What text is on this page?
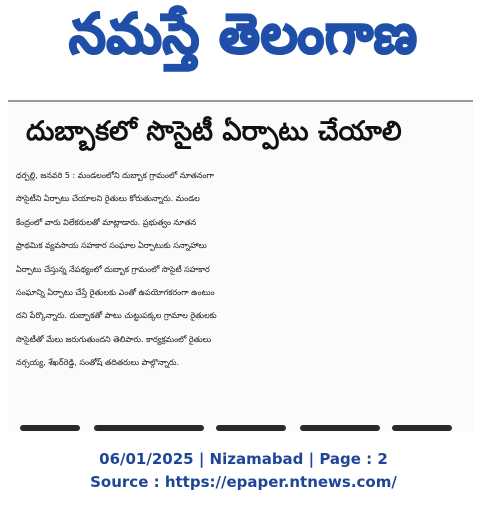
నమస్తే తెలంగాణ
దుబ్బాకలో సొసైటీ ఏర్పాటు చేయాలి
ధర్పల్లి, జనవరి 5 : మండలంలోని దుబ్బాక గ్రామంలో నూతనంగా
సొసైటీని ఏర్పాటు చేయాలని రైతులు కోరుతున్నారు. మండల
కేంద్రంలో వారు విలేకరులతో మాట్లాడారు. ప్రభుత్వం నూతన
ప్రాథమిక వ్యవసాయ సహకార సంఘాల ఏర్పాటుకు సన్నాహాలు
ఏర్పాటు చేస్తున్న నేపథ్యంలో దుబ్బాక గ్రామంలో సొసైటీ సహకార
సంఘాన్ని ఏర్పాటు చేస్తే రైతులకు ఎంతో ఉపయోగకరంగా ఉంటుం
దని పేర్కొన్నారు. దుబ్బాకతో పాటు చుట్టుపక్కల గ్రామాల రైతులకు
సొసైటీతో మేలు జరుగుతుందని తెలిపారు. కార్యక్రమంలో రైతులు
నర్సయ్య, శేఖర్‌రెడ్డి, సంతోష్ తదితరులు పాల్గొన్నారు.
06/01/2025 | Nizamabad | Page : 2
Source : https://epaper.ntnews.com/
